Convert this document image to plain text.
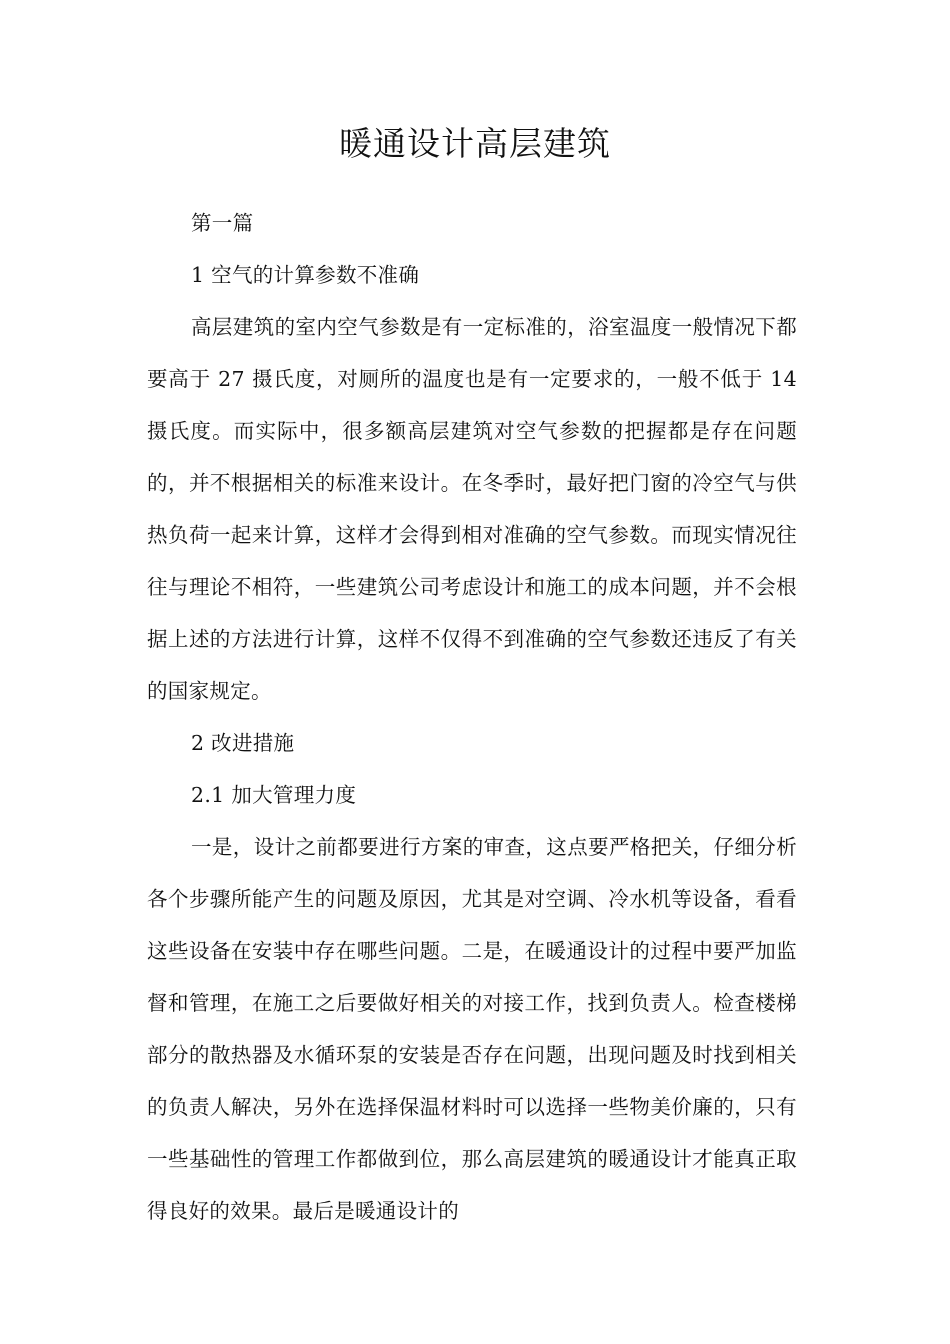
暖通设计高层建筑

第一篇

1 空气的计算参数不准确

高层建筑的室内空气参数是有一定标准的，浴室温度一般情况下都要高于 27 摄氏度，对厕所的温度也是有一定要求的，一般不低于 14 摄氏度。而实际中，很多额高层建筑对空气参数的把握都是存在问题的，并不根据相关的标准来设计。在冬季时，最好把门窗的冷空气与供热负荷一起来计算，这样才会得到相对准确的空气参数。而现实情况往往与理论不相符，一些建筑公司考虑设计和施工的成本问题，并不会根据上述的方法进行计算，这样不仅得不到准确的空气参数还违反了有关的国家规定。

2 改进措施

2.1 加大管理力度

一是，设计之前都要进行方案的审查，这点要严格把关，仔细分析各个步骤所能产生的问题及原因，尤其是对空调、冷水机等设备，看看这些设备在安装中存在哪些问题。二是，在暖通设计的过程中要严加监督和管理，在施工之后要做好相关的对接工作，找到负责人。检查楼梯部分的散热器及水循环泵的安装是否存在问题，出现问题及时找到相关的负责人解决，另外在选择保温材料时可以选择一些物美价廉的，只有一些基础性的管理工作都做到位，那么高层建筑的暖通设计才能真正取得良好的效果。最后是暖通设计的
